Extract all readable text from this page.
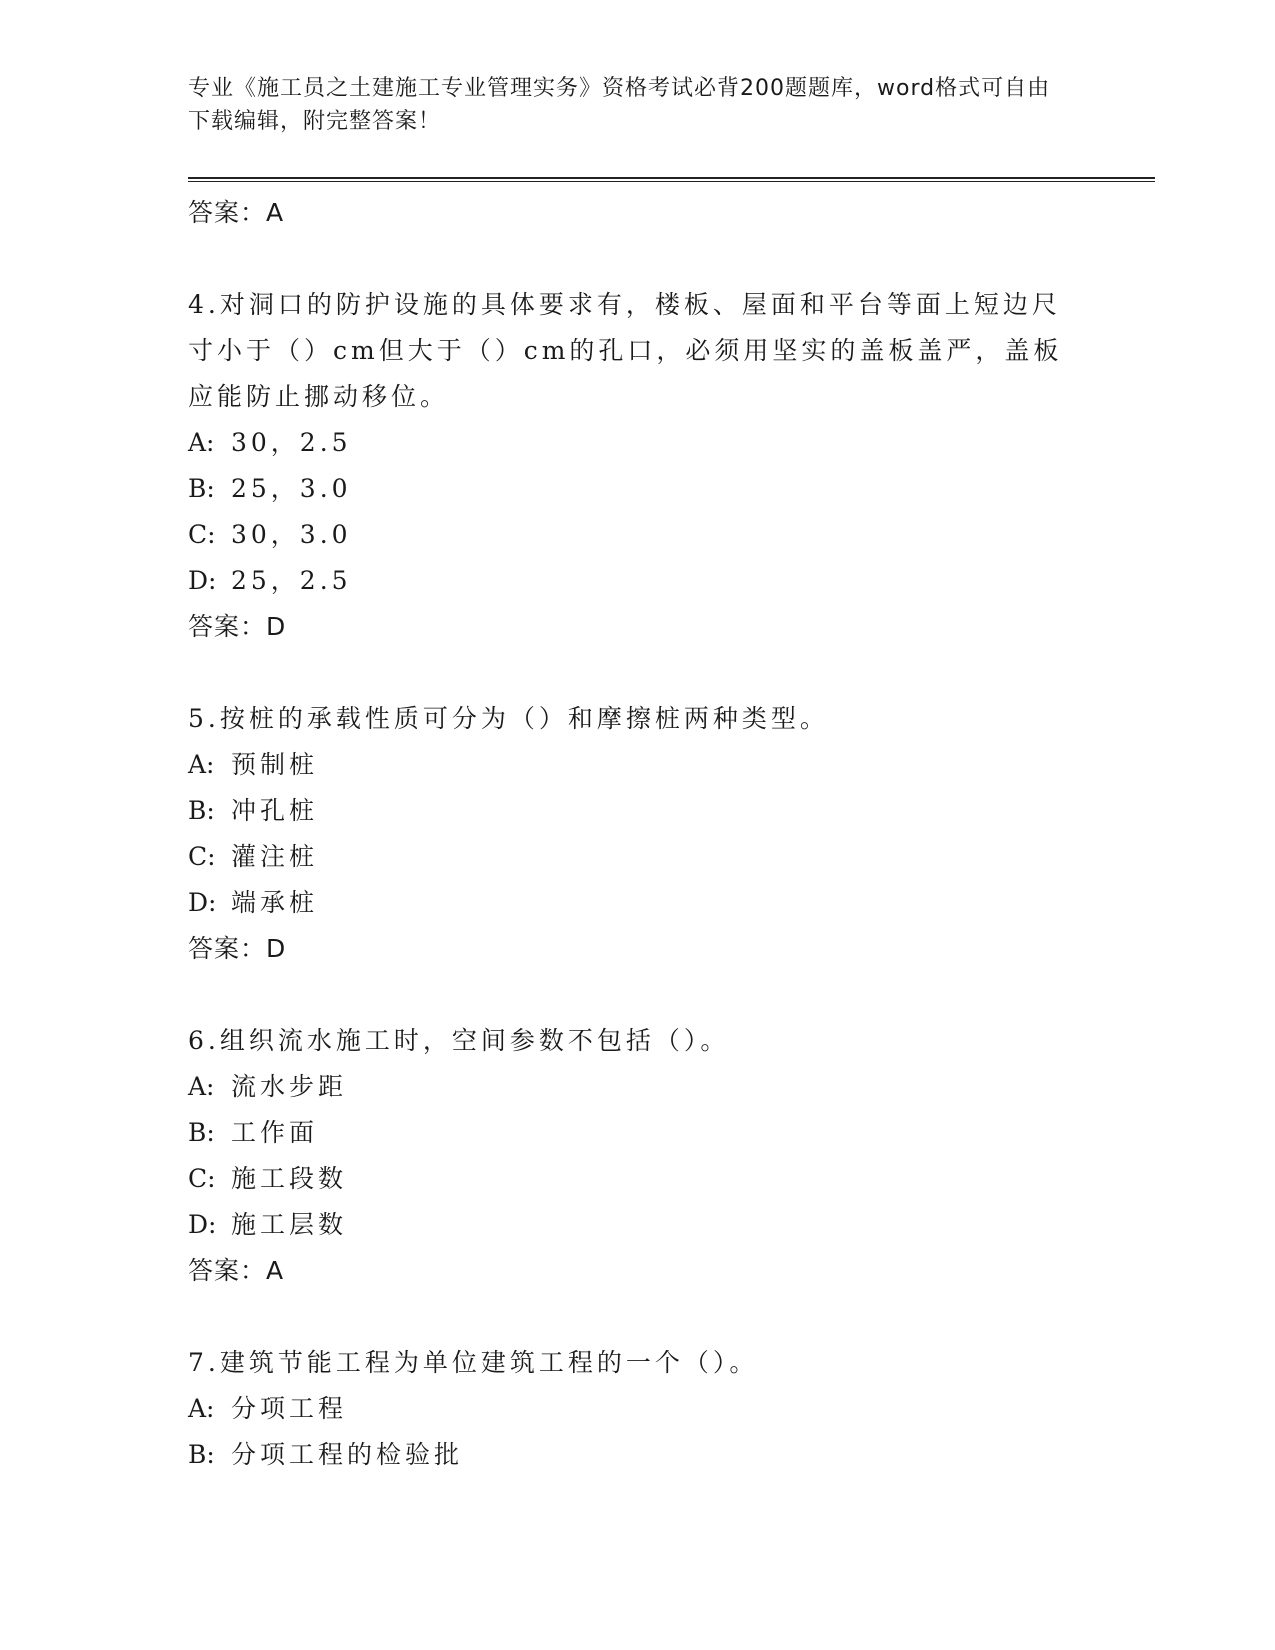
专业《施工员之土建施工专业管理实务》资格考试必背200题题库，word格式可自由下载编辑，附完整答案！
答案：A
4.对洞口的防护设施的具体要求有，楼板、屋面和平台等面上短边尺寸小于（）cm但大于（）cm的孔口，必须用坚实的盖板盖严，盖板应能防止挪动移位。
A: 30，2.5
B: 25，3.0
C: 30，3.0
D: 25，2.5
答案：D
5.按桩的承载性质可分为（）和摩擦桩两种类型。
A: 预制桩
B: 冲孔桩
C: 灌注桩
D: 端承桩
答案：D
6.组织流水施工时，空间参数不包括（）。
A: 流水步距
B: 工作面
C: 施工段数
D: 施工层数
答案：A
7.建筑节能工程为单位建筑工程的一个（）。
A: 分项工程
B: 分项工程的检验批
